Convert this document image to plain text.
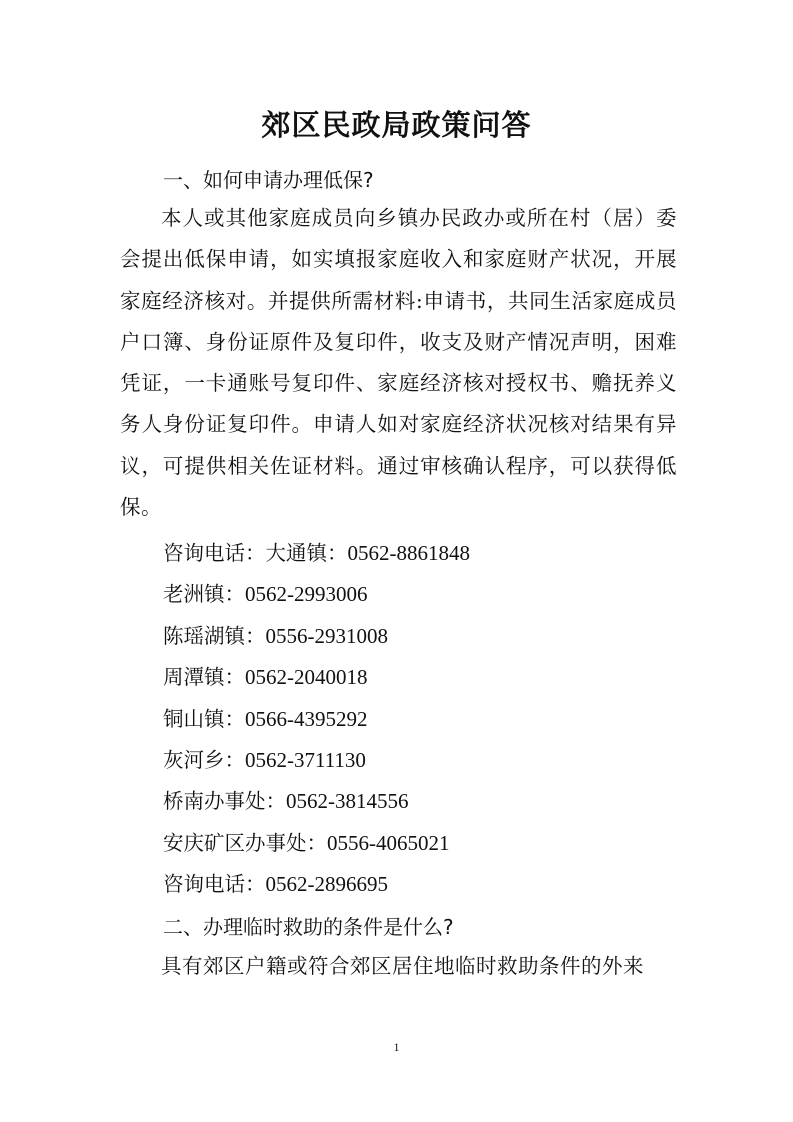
郊区民政局政策问答
一、如何申请办理低保?

本人或其他家庭成员向乡镇办民政办或所在村（居）委会提出低保申请，如实填报家庭收入和家庭财产状况，开展家庭经济核对。并提供所需材料:申请书，共同生活家庭成员户口簿、身份证原件及复印件，收支及财产情况声明，困难凭证，一卡通账号复印件、家庭经济核对授权书、赡抚养义务人身份证复印件。申请人如对家庭经济状况核对结果有异议，可提供相关佐证材料。通过审核确认程序，可以获得低保。

咨询电话：大通镇：0562-8861848

老洲镇：0562-2993006

陈瑶湖镇：0556-2931008

周潭镇：0562-2040018

铜山镇：0566-4395292

灰河乡：0562-3711130

桥南办事处：0562-3814556

安庆矿区办事处：0556-4065021

咨询电话：0562-2896695

二、办理临时救助的条件是什么?

具有郊区户籍或符合郊区居住地临时救助条件的外来

1
